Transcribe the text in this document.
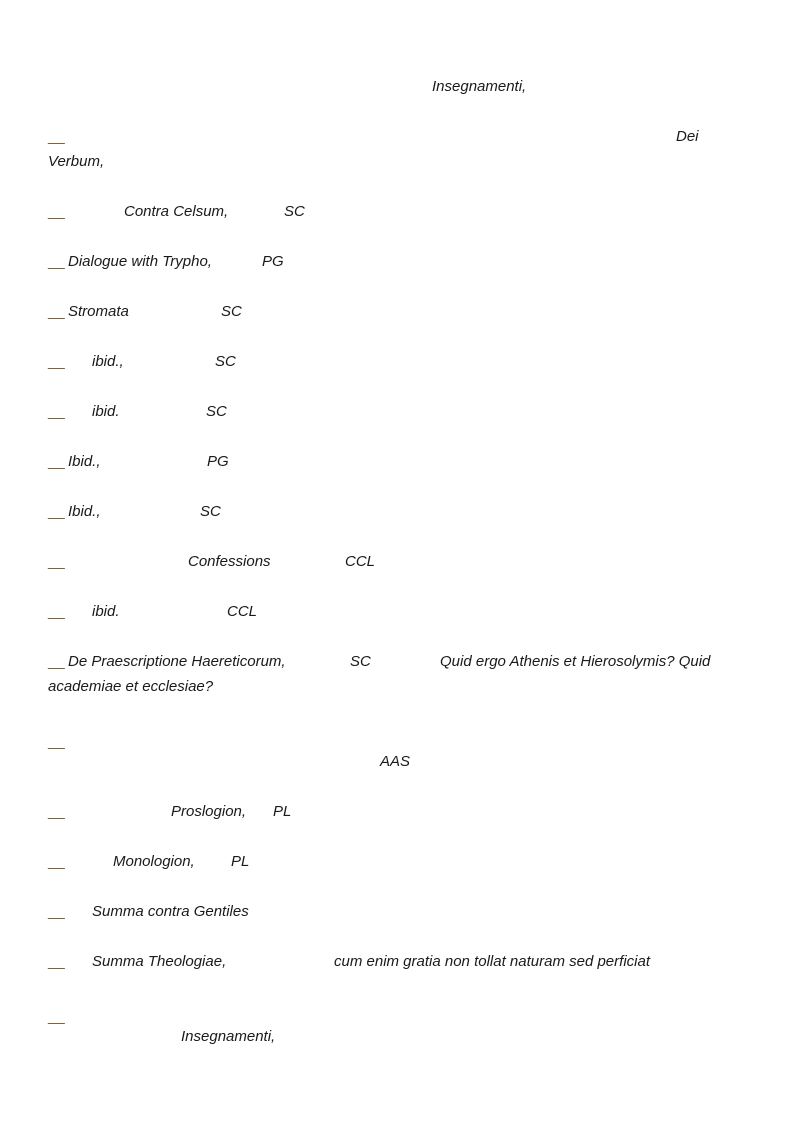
Insegnamenti,
__	Dei
Verbum,
__	Contra Celsum,	SC
__ Dialogue with Trypho,	PG
__ Stromata	SC
__ ibid.,	SC
__ ibid.	SC
__ Ibid.,	PG
__ Ibid.,	SC
__	Confessions	CCL
__ ibid.	CCL
__ De Praescriptione Haereticorum,	SC	Quid ergo Athenis et Hierosolymis? Quid
academiae et ecclesiae?
__
AAS
__	Proslogion, PL
__	Monologion, PL
__ Summa contra Gentiles
__ Summa Theologiae,	cum enim gratia non tollat naturam sed perficiat
__
Insegnamenti,
